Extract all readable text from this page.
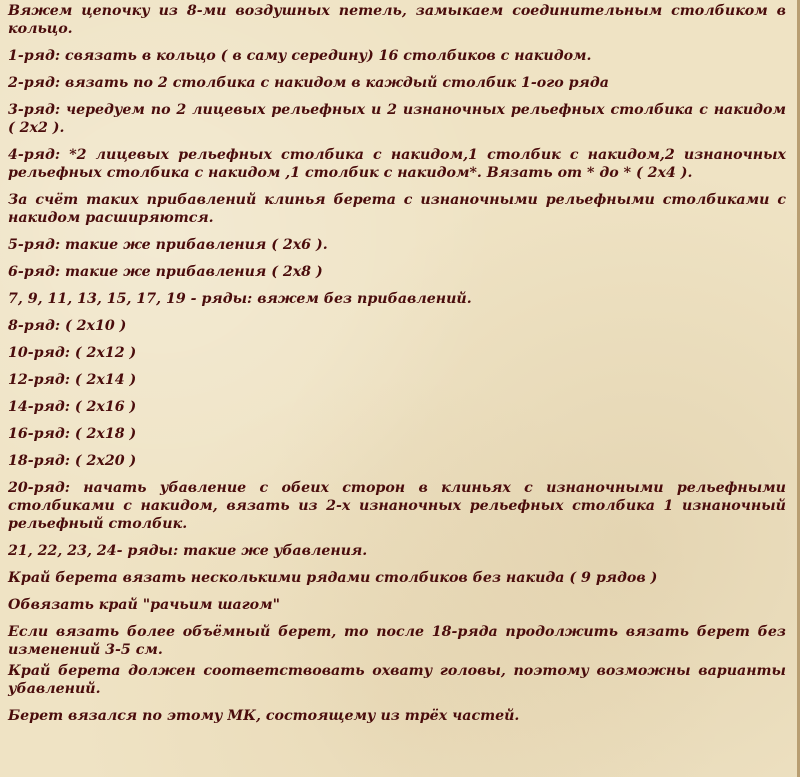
Вяжем цепочку из 8-ми воздушных петель, замыкаем соединительным столбиком в кольцо.

1-ряд: связать в кольцо ( в саму середину) 16 столбиков с накидом.

2-ряд: вязать по 2 столбика с накидом в каждый столбик 1-ого ряда

3-ряд: чередуем по 2 лицевых рельефных и 2 изнаночных рельефных столбика с накидом ( 2х2 ).

4-ряд: *2 лицевых рельефных столбика с накидом,1 столбик с накидом,2 изнаночных рельефных столбика с накидом ,1 столбик с накидом*. Вязать от * до * ( 2х4 ).

За счёт таких прибавлений клинья берета с изнаночными рельефными столбиками с накидом расширяются.

5-ряд: такие же прибавления ( 2х6 ).

6-ряд: такие же прибавления ( 2х8 )

7, 9, 11, 13, 15, 17, 19 - ряды: вяжем без прибавлений.

8-ряд: ( 2х10 )

10-ряд: ( 2х12 )

12-ряд: ( 2х14 )

14-ряд: ( 2х16 )

16-ряд: ( 2х18 )

18-ряд: ( 2х20 )

20-ряд: начать убавление с обеих сторон в клиньях с изнаночными рельефными столбиками с накидом, вязать из 2-х изнаночных рельефных столбика 1 изнаночный рельефный столбик.

21, 22, 23, 24- ряды: такие же убавления.

Край берета вязать несколькими рядами столбиков без накида ( 9 рядов )

Обвязать край "рачьим шагом"

Если вязать более объёмный берет, то после 18-ряда продолжить вязать берет без изменений 3-5 см.

Край берета должен соответствовать охвату головы, поэтому возможны варианты убавлений.

Берет вязался по этому МК, состоящему из трёх частей.
